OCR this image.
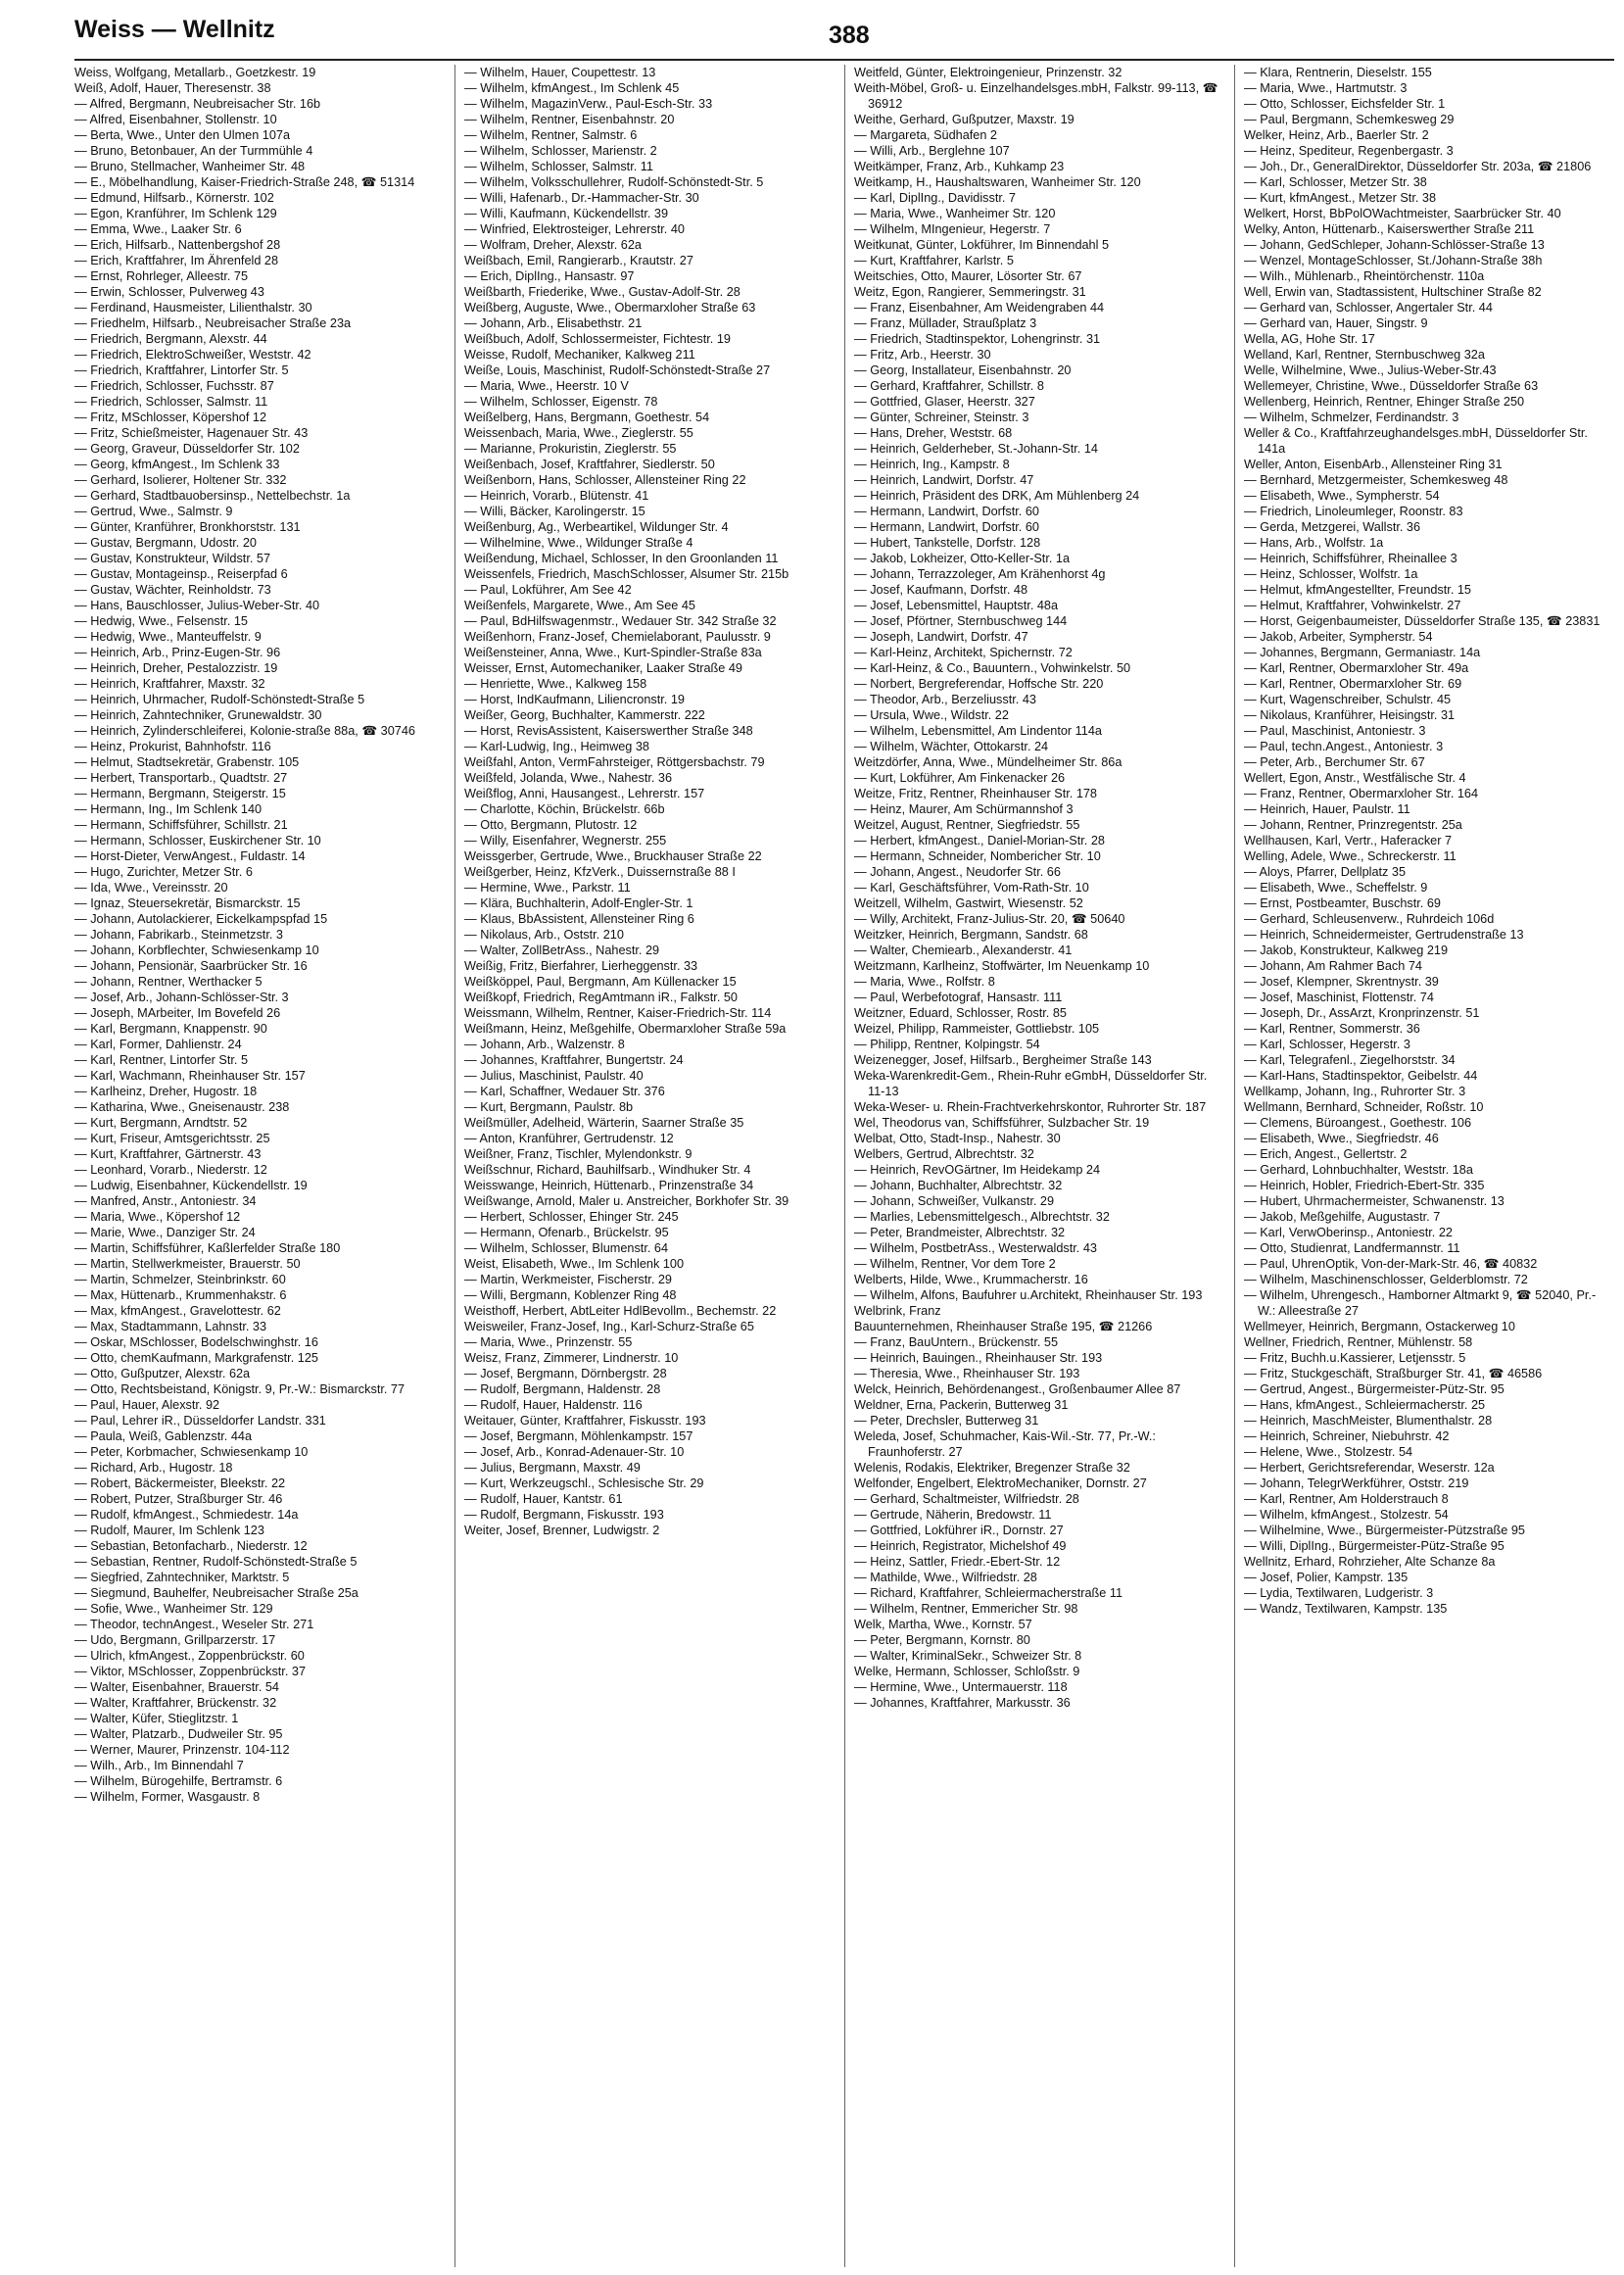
Weiss — Wellnitz	388
Weiss, Wolfgang, Metallarb., Goetzkestr. 19
Weiß, Adolf, Hauer, Theresenstr. 38
— Alfred, Bergmann, Neubreisacher Str. 16b
— Alfred, Eisenbahner, Stollenstr. 10
— Berta, Wwe., Unter den Ulmen 107a
— Bruno, Betonbauer, An der Turmmühle 4
— Bruno, Stellmacher, Wanheimer Str. 48
— E., Möbelhandlung, Kaiser-Friedrich-Straße 248, ☎ 51314
— Edmund, Hilfsarb., Körnerstr. 102
— Egon, Kranführer, Im Schlenk 129
— Emma, Wwe., Laaker Str. 6
— Erich, Hilfsarb., Nattenbergshof 28
— Erich, Kraftfahrer, Im Ährenfeld 28
— Ernst, Rohrleger, Alleestr. 75
— Erwin, Schlosser, Pulverweg 43
— Ferdinand, Hausmeister, Lilienthalstr. 30
— Friedhelm, Hilfsarb., Neubreisacher Straße 23a
— Friedrich, Bergmann, Alexstr. 44
— Friedrich, ElektroSchweißer, Weststr. 42
— Friedrich, Kraftfahrer, Lintorfer Str. 5
— Friedrich, Schlosser, Fuchsstr. 87
— Friedrich, Schlosser, Salmstr. 11
— Fritz, MSchlosser, Köpershof 12
— Fritz, Schießmeister, Hagenauer Str. 43
— Georg, Graveur, Düsseldorfer Str. 102
— Georg, kfmAngest., Im Schlenk 33
— Gerhard, Isolierer, Holtener Str. 332
— Gerhard, Stadtbauobersinsp., Nettelbechstr. 1a
— Gertrud, Wwe., Salmstr. 9
— Günter, Kranführer, Bronkhorststr. 131
— Gustav, Bergmann, Udostr. 20
— Gustav, Konstrukteur, Wildstr. 57
— Gustav, Montageinsp., Reiserpfad 6
— Gustav, Wächter, Reinholdstr. 73
— Hans, Bauschlosser, Julius-Weber-Str. 40
— Hedwig, Wwe., Felsenstr. 15
— Hedwig, Wwe., Manteuffelstr. 9
— Heinrich, Arb., Prinz-Eugen-Str. 96
— Heinrich, Dreher, Pestalozzistr. 19
— Heinrich, Kraftfahrer, Maxstr. 32
— Heinrich, Uhrmacher, Rudolf-Schönstedt-Straße 5
— Heinrich, Zahntechniker, Grunewaldstr. 30
— Heinrich, Zylinderschleiferei, Kolonie-straße 88a, ☎ 30746
— Heinz, Prokurist, Bahnhofstr. 116
— Helmut, Stadtsekretär, Grabenstr. 105
— Herbert, Transportarb., Quadtstr. 27
— Hermann, Bergmann, Steigerstr. 15
— Hermann, Ing., Im Schlenk 140
— Hermann, Schiffsführer, Schillstr. 21
— Hermann, Schlosser, Euskirchener Str. 10
— Horst-Dieter, VerwAngest., Fuldastr. 14
— Hugo, Zurichter, Metzer Str. 6
— Ida, Wwe., Vereinsstr. 20
— Ignaz, Steuersekretär, Bismarckstr. 15
— Johann, Autolackierer, Eickelkampspfad 15
— Johann, Fabrikarb., Steinmetzstr. 3
— Johann, Korbflechter, Schwiesenkamp 10
— Johann, Pensionär, Saarbrücker Str. 16
— Johann, Rentner, Werthacker 5
— Josef, Arb., Johann-Schlösser-Str. 3
— Joseph, MArbeiter, Im Bovefeld 26
— Karl, Bergmann, Knappenstr. 90
— Karl, Former, Dahlienstr. 24
— Karl, Rentner, Lintorfer Str. 5
— Karl, Wachmann, Rheinhauser Str. 157
— Karlheinz, Dreher, Hugostr. 18
— Katharina, Wwe., Gneisenaustr. 238
— Kurt, Bergmann, Arndtstr. 52
— Kurt, Friseur, Amtsgerichtsstr. 25
— Kurt, Kraftfahrer, Gärtnerstr. 43
— Leonhard, Vorarb., Niederstr. 12
— Ludwig, Eisenbahner, Kückendellstr. 19
— Manfred, Anstr., Antoniestr. 34
— Maria, Wwe., Köpershof 12
— Marie, Wwe., Danziger Str. 24
— Martin, Schiffsführer, Kaßlerfelder Straße 180
— Martin, Stellwerkmeister, Brauerstr. 50
— Martin, Schmelzer, Steinbrinkstr. 60
— Max, Hüttenarb., Krummenhakstr. 6
— Max, kfmAngest., Gravelottestr. 62
— Max, Stadtammann, Lahnstr. 33
— Oskar, MSchlosser, Bodelschwinghstr. 16
— Otto, chemKaufmann, Markgrafenstr. 125
— Otto, Gußputzer, Alexstr. 62a
— Otto, Rechtsbeistand, Königstr. 9, Pr.-W.: Bismarckstr. 77
— Paul, Hauer, Alexstr. 92
— Paul, Lehrer iR., Düsseldorfer Landstr. 331
— Paula, Weiß, Gablenzstr. 44a
— Peter, Korbmacher, Schwiesenkamp 10
— Richard, Arb., Hugostr. 18
— Robert, Bäckermeister, Bleekstr. 22
— Robert, Putzer, Straßburger Str. 46
— Rudolf, kfmAngest., Schmiedestr. 14a
— Rudolf, Maurer, Im Schlenk 123
— Sebastian, Betonfacharb., Niederstr. 12
— Sebastian, Rentner, Rudolf-Schönstedt-Straße 5
— Siegfried, Zahntechniker, Marktstr. 5
— Siegmund, Bauhelfer, Neubreisacher Straße 25a
— Sofie, Wwe., Wanheimer Str. 129
— Theodor, technAngest., Weseler Str. 271
— Udo, Bergmann, Grillparzerstr. 17
— Ulrich, kfmAngest., Zoppenbrückstr. 60
— Viktor, MSchlosser, Zoppenbrückstr. 37
— Walter, Eisenbahner, Brauerstr. 54
— Walter, Kraftfahrer, Brückenstr. 32
— Walter, Küfer, Stieglitzstr. 1
— Walter, Platzarb., Dudweiler Str. 95
— Werner, Maurer, Prinzenstr. 104-112
— Wilh., Arb., Im Binnendahl 7
— Wilhelm, Bürogehilfe, Bertramstr. 6
— Wilhelm, Former, Wasgaustr. 8
— Wilhelm, Hauer, Coupettestr. 13
— Wilhelm, kfmAngest., Im Schlenk 45
— Wilhelm, MagazinVerw., Paul-Esch-Str. 33
— Wilhelm, Rentner, Eisenbahnstr. 20
— Wilhelm, Rentner, Salmstr. 6
— Wilhelm, Schlosser, Marienstr. 2
— Wilhelm, Schlosser, Salmstr. 11
— Wilhelm, Volksschullehrer, Rudolf-Schönstedt-Str. 5
— Willi, Hafenarb., Dr.-Hammacher-Str. 30
— Willi, Kaufmann, Kückendellstr. 39
— Winfried, Elektrosteiger, Lehrerstr. 40
— Wolfram, Dreher, Alexstr. 62a
Weißbach, Emil, Rangierarb., Krautstr. 27
— Erich, DiplIng., Hansastr. 97
Weißbarth, Friederike, Wwe., Gustav-Adolf-Str. 28
Weißberg, Auguste, Wwe., Obermarxloher Straße 63
— Johann, Arb., Elisabethstr. 21
Weißbuch, Adolf, Schlossermeister, Fichtestr. 19
Weisse, Rudolf, Mechaniker, Kalkweg 211
Weiße, Louis, Maschinist, Rudolf-Schönstedt-Straße 27
— Maria, Wwe., Heerstr. 10 V
— Wilhelm, Schlosser, Eigenstr. 78
Weißelberg, Hans, Bergmann, Goethestr. 54
Weissenbach, Maria, Wwe., Zieglerstr. 55
— Marianne, Prokuristin, Zieglerstr. 55
Weißenbach, Josef, Kraftfahrer, Siedlerstr. 50
Weißenborn, Hans, Schlosser, Allensteiner Ring 22
— Heinrich, Vorarb., Blütenstr. 41
— Willi, Bäcker, Karolingerstr. 15
Weißenburg, Ag., Werbeartikel, Wildunger Str. 4
— Wilhelmine, Wwe., Wildunger Straße 4
Weißendung, Michael, Schlosser, In den Groonlanden 11
Weissenfels, Friedrich, MaschSchlosser, Alsumer Str. 215b
— Paul, Lokführer, Am See 42
Weißenfels, Margarete, Wwe., Am See 45
— Paul, BdHilfswagenmstr., Wedauer Str. 342 Straße 32
Weißenhorn, Franz-Josef, Chemielaborant, Paulusstr. 9
Weißensteiner, Anna, Wwe., Kurt-Spindler-Straße 83a
Weisser, Ernst, Automechaniker, Laaker Straße 49
— Henriette, Wwe., Kalkweg 158
— Horst, IndKaufmann, Liliencronstr. 19
Weißer, Georg, Buchhalter, Kammerstr. 222
— Horst, RevisAssistent, Kaiserswerther Straße 348
— Karl-Ludwig, Ing., Heimweg 38
Weißfahl, Anton, VermFahrsteiger, Röttgersbachstr. 79
Weißfeld, Jolanda, Wwe., Nahestr. 36
Weißflog, Anni, Hausangest., Lehrerstr. 157
— Charlotte, Köchin, Brückelstr. 66b
— Otto, Bergmann, Plutostr. 12
— Willy, Eisenfahrer, Wegnerstr. 255
Weissgerber, Gertrude, Wwe., Bruckhauser Straße 22
Weißgerber, Heinz, KfzVerk., Duissernstraße 88 I
— Hermine, Wwe., Parkstr. 11
— Klära, Buchhalterin, Adolf-Engler-Str. 1
— Klaus, BbAssistent, Allensteiner Ring 6
— Nikolaus, Arb., Oststr. 210
— Walter, ZollBetrAss., Nahestr. 29
Weißig, Fritz, Bierfahrer, Lierheggenstr. 33
Weißköppel, Paul, Bergmann, Am Küllenacker 15
Weißkopf, Friedrich, RegAmtmann iR., Falkstr. 50
Weissmann, Wilhelm, Rentner, Kaiser-Friedrich-Str. 114
Weißmann, Heinz, Meßgehilfe, Obermarxloher Straße 59a
— Johann, Arb., Walzenstr. 8
— Johannes, Kraftfahrer, Bungertstr. 24
— Julius, Maschinist, Paulstr. 40
— Karl, Schaffner, Wedauer Str. 376
— Kurt, Bergmann, Paulstr. 8b
Weißmüller, Adelheid, Wärterin, Saarner Straße 35
— Anton, Kranführer, Gertrudenstr. 12
Weißner, Franz, Tischler, Mylendonkstr. 9
Weißschnur, Richard, Bauhilfsarb., Windhuker Str. 4
Weisswange, Heinrich, Hüttenarb., Prinzenstraße 34
Weißwange, Arnold, Maler u. Anstreicher, Borkhofer Str. 39
— Herbert, Schlosser, Ehinger Str. 245
— Hermann, Ofenarb., Brückelstr. 95
— Wilhelm, Schlosser, Blumenstr. 64
Weist, Elisabeth, Wwe., Im Schlenk 100
— Martin, Werkmeister, Fischerstr. 29
— Willi, Bergmann, Koblenzer Ring 48
Weisthoff, Herbert, AbtLeiter HdlBevollm., Bechemstr. 22
Weisweiler, Franz-Josef, Ing., Karl-Schurz-Straße 65
— Maria, Wwe., Prinzenstr. 55
Weisz, Franz, Zimmerer, Lindnerstr. 10
— Josef, Bergmann, Dörnbergstr. 28
— Rudolf, Bergmann, Haldenstr. 28
— Rudolf, Hauer, Haldenstr. 116
Weitauer, Günter, Kraftfahrer, Fiskusstr. 193
— Josef, Bergmann, Möhlenkampstr. 157
— Josef, Arb., Konrad-Adenauer-Str. 10
— Julius, Bergmann, Maxstr. 49
— Kurt, Werkzeugschl., Schlesische Str. 29
— Rudolf, Hauer, Kantstr. 61
— Rudolf, Bergmann, Fiskusstr. 193
Weiter, Josef, Brenner, Ludwigstr. 2
Weitfeld, Günter, Elektroingenieur, Prinzenstr. 32
Weith-Möbel, Groß- u. Einzelhandelsges.mbH, Falkstr. 99-113, ☎ 36912
Weithe, Gerhard, Gußputzer, Maxstr. 19
— Margareta, Südhafen 2
— Willi, Arb., Berglehne 107
Weitkämper, Franz, Arb., Kuhkamp 23
Weitkamp, H., Haushaltswaren, Wanheimer Str. 120
— Karl, DiplIng., Davidisstr. 7
— Maria, Wwe., Wanheimer Str. 120
— Wilhelm, MIngenieur, Hegerstr. 7
Weitkunat, Günter, Lokführer, Im Binnendahl 5
— Kurt, Kraftfahrer, Karlstr. 5
Weitschies, Otto, Maurer, Lösorter Str. 67
Weitz, Egon, Rangierer, Semmeringstr. 31
— Franz, Eisenbahner, Am Weidengraben 44
— Franz, Müllader, Straußplatz 3
— Friedrich, Stadtinspektor, Lohengrinstr. 31
— Fritz, Arb., Heerstr. 30
— Georg, Installateur, Eisenbahnstr. 20
— Gerhard, Kraftfahrer, Schillstr. 8
— Gottfried, Glaser, Heerstr. 327
— Günter, Schreiner, Steinstr. 3
— Hans, Dreher, Weststr. 68
— Heinrich, Gelderheber, St.-Johann-Str. 14
— Heinrich, Ing., Kampstr. 8
— Heinrich, Landwirt, Dorfstr. 47
— Heinrich, Präsident des DRK, Am Mühlenberg 24
— Hermann, Landwirt, Dorfstr. 60
— Hermann, Landwirt, Dorfstr. 60
— Hubert, Tankstelle, Dorfstr. 128
— Jakob, Lokheizer, Otto-Keller-Str. 1a
— Johann, Terrazzoleger, Am Krähenhorst 4g
— Josef, Kaufmann, Dorfstr. 48
— Josef, Lebensmittel, Hauptstr. 48a
— Josef, Pförtner, Sternbuschweg 144
— Joseph, Landwirt, Dorfstr. 47
— Karl-Heinz, Architekt, Spichernstr. 72
— Karl-Heinz, & Co., Bauuntern., Vohwinkelstr. 50
— Norbert, Bergreferendar, Hoffsche Str. 220
— Theodor, Arb., Berzeliusstr. 43
— Ursula, Wwe., Wildstr. 22
— Wilhelm, Lebensmittel, Am Lindentor 114a
— Wilhelm, Wächter, Ottokarstr. 24
Weitzdörfer, Anna, Wwe., Mündelheimer Str. 86a
— Kurt, Lokführer, Am Finkenacker 26
Weitze, Fritz, Rentner, Rheinhauser Str. 178
— Heinz, Maurer, Am Schürmannshof 3
Weitzel, August, Rentner, Siegfriedstr. 55
— Herbert, kfmAngest., Daniel-Morian-Str. 28
— Hermann, Schneider, Nombericher Str. 10
— Johann, Angest., Neudorfer Str. 66
— Karl, Geschäftsführer, Vom-Rath-Str. 10
Weitzell, Wilhelm, Gastwirt, Wiesenstr. 52
— Willy, Architekt, Franz-Julius-Str. 20, ☎ 50640
Weitzker, Heinrich, Bergmann, Sandstr. 68
— Walter, Chemiearb., Alexanderstr. 41
Weitzmann, Karlheinz, Stoffwärter, Im Neuenkamp 10
— Maria, Wwe., Rolfstr. 8
— Paul, Werbefotograf, Hansastr. 111
Weitzner, Eduard, Schlosser, Rostr. 85
Weizel, Philipp, Rammeister, Gottliebstr. 105
— Philipp, Rentner, Kolpingstr. 54
Weizenegger, Josef, Hilfsarb., Bergheimer Straße 143
Weka-Warenkredit-Gem., Rhein-Ruhr eGmbH, Düsseldorfer Str. 11-13
Weka-Weser- u. Rhein-Frachtverkehrskontor, Ruhrorter Str. 187
Wel, Theodorus van, Schiffsführer, Sulzbacher Str. 19
Welbat, Otto, Stadt-Insp., Nahestr. 30
Welbers, Gertrud, Albrechtstr. 32
— Heinrich, RevOGärtner, Im Heidekamp 24
— Johann, Buchhalter, Albrechtstr. 32
— Johann, Schweißer, Vulkanstr. 29
— Marlies, Lebensmittelgesch., Albrechtstr. 32
— Peter, Brandmeister, Albrechtstr. 32
— Wilhelm, PostbetrAss., Westerwaldstr. 43
— Wilhelm, Rentner, Vor dem Tore 2
Welberts, Hilde, Wwe., Krummacherstr. 16
— Wilhelm, Alfons, Baufuhrer u.Architekt, Rheinhauser Str. 193
Welbrink, Franz
Bauunternehmen, Rheinhauser Straße 195, ☎ 21266
— Franz, BauUntern., Brückenstr. 55
— Heinrich, Bauingen., Rheinhauser Str. 193
— Theresia, Wwe., Rheinhauser Str. 193
Welck, Heinrich, Behördenangest., Großenbaumer Allee 87
Weldner, Erna, Packerin, Butterweg 31
— Peter, Drechsler, Butterweg 31
Weleda, Josef, Schuhmacher, Kais-Wil.-Str. 77, Pr.-W.: Fraunhoferstr. 27
Welenis, Rodakis, Elektriker, Bregenzer Straße 32
Welfonder, Engelbert, ElektroMechaniker, Dornstr. 27
— Gerhard, Schaltmeister, Wilfriedstr. 28
— Gertrude, Näherin, Bredowstr. 11
— Gottfried, Lokführer iR., Dornstr. 27
— Heinrich, Registrator, Michelshof 49
— Heinz, Sattler, Friedr.-Ebert-Str. 12
— Mathilde, Wwe., Wilfriedstr. 28
— Richard, Kraftfahrer, Schleiermacherstraße 11
— Wilhelm, Rentner, Emmericher Str. 98
Welk, Martha, Wwe., Kornstr. 57
— Peter, Bergmann, Kornstr. 80
— Walter, KriminalSekr., Schweizer Str. 8
Welke, Hermann, Schlosser, Schloßstr. 9
— Hermine, Wwe., Untermauerstr. 118
— Johannes, Kraftfahrer, Markusstr. 36
— Klara, Rentnerin, Dieselstr. 155
— Maria, Wwe., Hartmutstr. 3
— Otto, Schlosser, Eichsfelder Str. 1
— Paul, Bergmann, Schemkesweg 29
Welker, Heinz, Arb., Baerler Str. 2
— Heinz, Spediteur, Regenbergastr. 3
— Joh., Dr., GeneralDirektor, Düsseldorfer Str. 203a, ☎ 21806
— Karl, Schlosser, Metzer Str. 38
— Kurt, kfmAngest., Metzer Str. 38
Welkert, Horst, BbPolOWachtmeister, Saarbrücker Str. 40
Welky, Anton, Hüttenarb., Kaiserswerther Straße 211
— Johann, GedSchleper, Johann-Schlösser-Straße 13
— Wenzel, MontageSchlosser, St./Johann-Straße 38h
— Wilh., Mühlenarb., Rheintörchenstr. 110a
Well, Erwin van, Stadtassistent, Hultschiner Straße 82
— Gerhard van, Schlosser, Angertaler Str. 44
— Gerhard van, Hauer, Singstr. 9
Wella, AG, Hohe Str. 17
Welland, Karl, Rentner, Sternbuschweg 32a
Welle, Wilhelmine, Wwe., Julius-Weber-Str.43
Wellemeyer, Christine, Wwe., Düsseldorfer Straße 63
Wellenberg, Heinrich, Rentner, Ehinger Straße 250
— Wilhelm, Schmelzer, Ferdinandstr. 3
Weller & Co., Kraftfahrzeughandelsges.mbH, Düsseldorfer Str. 141a
Weller, Anton, EisenbArb., Allensteiner Ring 31
— Bernhard, Metzgermeister, Schemkesweg 48
— Elisabeth, Wwe., Sympherstr. 54
— Friedrich, Linoleumleger, Roonstr. 83
— Gerda, Metzgerei, Wallstr. 36
— Hans, Arb., Wolfstr. 1a
— Heinrich, Schiffsführer, Rheinallee 3
— Heinz, Schlosser, Wolfstr. 1a
— Helmut, kfmAngestellter, Freundstr. 15
— Helmut, Kraftfahrer, Vohwinkelstr. 27
— Horst, Geigenbaumeister, Düsseldorfer Straße 135, ☎ 23831
— Jakob, Arbeiter, Sympherstr. 54
— Johannes, Bergmann, Germaniastr. 14a
— Karl, Rentner, Obermarxloher Str. 49a
— Karl, Rentner, Obermarxloher Str. 69
— Kurt, Wagenschreiber, Schulstr. 45
— Nikolaus, Kranführer, Heisingstr. 31
— Paul, Maschinist, Antoniestr. 3
— Paul, techn.Angest., Antoniestr. 3
— Peter, Arb., Berchumer Str. 67
Wellert, Egon, Anstr., Westfälische Str. 4
— Franz, Rentner, Obermarxloher Str. 164
— Heinrich, Hauer, Paulstr. 11
— Johann, Rentner, Prinzregentstr. 25a
Wellhausen, Karl, Vertr., Haferacker 7
Welling, Adele, Wwe., Schreckerstr. 11
— Aloys, Pfarrer, Dellplatz 35
— Elisabeth, Wwe., Scheffelstr. 9
— Ernst, Postbeamter, Buschstr. 69
— Gerhard, Schleusenverw., Ruhrdeich 106d
— Heinrich, Schneidermeister, Gertrudenstraße 13
— Jakob, Konstrukteur, Kalkweg 219
— Johann, Am Rahmer Bach 74
— Josef, Klempner, Skrentnystr. 39
— Josef, Maschinist, Flottenstr. 74
— Joseph, Dr., AssArzt, Kronprinzenstr. 51
— Karl, Rentner, Sommerstr. 36
— Karl, Schlosser, Hegerstr. 3
— Karl, Telegrafenl., Ziegelhorststr. 34
— Karl-Hans, Stadtinspektor, Geibelstr. 44
Wellkamp, Johann, Ing., Ruhrorter Str. 3
Wellmann, Bernhard, Schneider, Roßstr. 10
— Clemens, Büroangest., Goethestr. 106
— Elisabeth, Wwe., Siegfriedstr. 46
— Erich, Angest., Gellertstr. 2
— Gerhard, Lohnbuchhalter, Weststr. 18a
— Heinrich, Hobler, Friedrich-Ebert-Str. 335
— Hubert, Uhrmachermeister, Schwanenstr. 13
— Jakob, Meßgehilfe, Augustastr. 7
— Karl, VerwOberinsp., Antoniestr. 22
— Otto, Studienrat, Landfermannstr. 11
— Paul, UhrenOptik, Von-der-Mark-Str. 46, ☎ 40832
— Wilhelm, Maschinenschlosser, Gelderblomstr. 72
— Wilhelm, Uhrengesch., Hamborner Altmarkt 9, ☎ 52040, Pr.-W.: Alleestraße 27
Wellmeyer, Heinrich, Bergmann, Ostackerweg 10
Wellner, Friedrich, Rentner, Mühlenstr. 58
— Fritz, Buchh.u.Kassierer, Letjensstr. 5
— Fritz, Stuckgeschäft, Straßburger Str. 41, ☎ 46586
— Gertrud, Angest., Bürgermeister-Pütz-Str. 95
— Hans, kfmAngest., Schleiermacherstr. 25
— Heinrich, MaschMeister, Blumenthalstr. 28
— Heinrich, Schreiner, Niebuhrstr. 42
— Helene, Wwe., Stolzestr. 54
— Herbert, Gerichtsreferendar, Weserstr. 12a
— Johann, TelegrWerkführer, Oststr. 219
— Karl, Rentner, Am Holderstrauch 8
— Wilhelm, kfmAngest., Stolzestr. 54
— Wilhelmine, Wwe., Bürgermeister-Pützstraße 95
— Willi, DiplIng., Bürgermeister-Pütz-Straße 95
Wellnitz, Erhard, Rohrzieher, Alte Schanze 8a
— Josef, Polier, Kampstr. 135
— Lydia, Textilwaren, Ludgeristr. 3
— Wandz, Textilwaren, Kampstr. 135
